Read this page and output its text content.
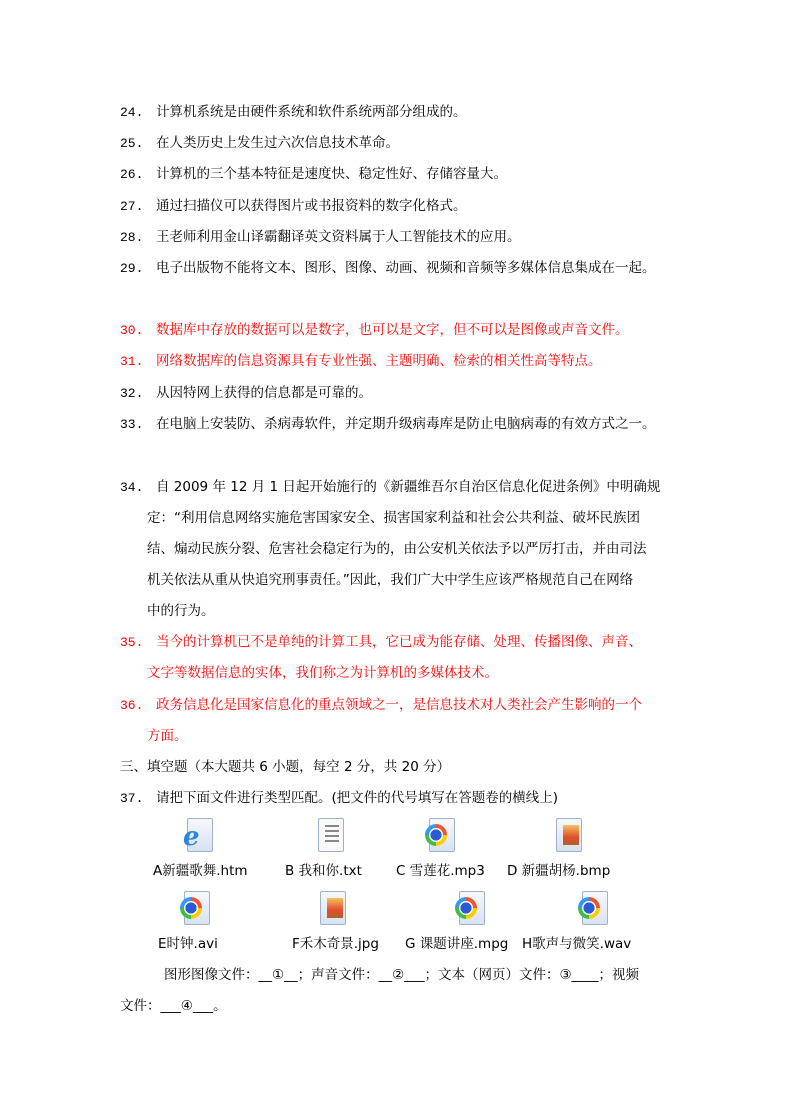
24. 计算机系统是由硬件系统和软件系统两部分组成的。
25. 在人类历史上发生过六次信息技术革命。
26. 计算机的三个基本特征是速度快、稳定性好、存储容量大。
27. 通过扫描仪可以获得图片或书报资料的数字化格式。
28. 王老师利用金山译霸翻译英文资料属于人工智能技术的应用。
29. 电子出版物不能将文本、图形、图像、动画、视频和音频等多媒体信息集成在一起。
30. 数据库中存放的数据可以是数字，也可以是文字，但不可以是图像或声音文件。
31. 网络数据库的信息资源具有专业性强、主题明确、检索的相关性高等特点。
32. 从因特网上获得的信息都是可靠的。
33. 在电脑上安装防、杀病毒软件，并定期升级病毒库是防止电脑病毒的有效方式之一。
34. 自 2009 年 12 月 1 日起开始施行的《新疆维吾尔自治区信息化促进条例》中明确规
定：“利用信息网络实施危害国家安全、损害国家利益和社会公共利益、破坏民族团
结、煽动民族分裂、危害社会稳定行为的，由公安机关依法予以严厉打击，并由司法
机关依法从重从快追究刑事责任。”因此，我们广大中学生应该严格规范自己在网络
中的行为。
35. 当今的计算机已不是单纯的计算工具，它已成为能存储、处理、传播图像、声音、
文字等数据信息的实体，我们称之为计算机的多媒体技术。
36. 政务信息化是国家信息化的重点领域之一，是信息技术对人类社会产生影响的一个
方面。
三、填空题（本大题共 6 小题，每空 2 分，共 20 分）
37. 请把下面文件进行类型匹配。(把文件的代号填写在答题卷的横线上)
e
A新疆歌舞.htm	B 我和你.txt	C 雪莲花.mp3 D 新疆胡杨.bmp
E时钟.avi	F禾木奇景.jpg G 课题讲座.mpg H歌声与微笑.wav
图形图像文件：__①__；声音文件：__②___；文本（网页）文件：③____；视频
文件：___④___。
